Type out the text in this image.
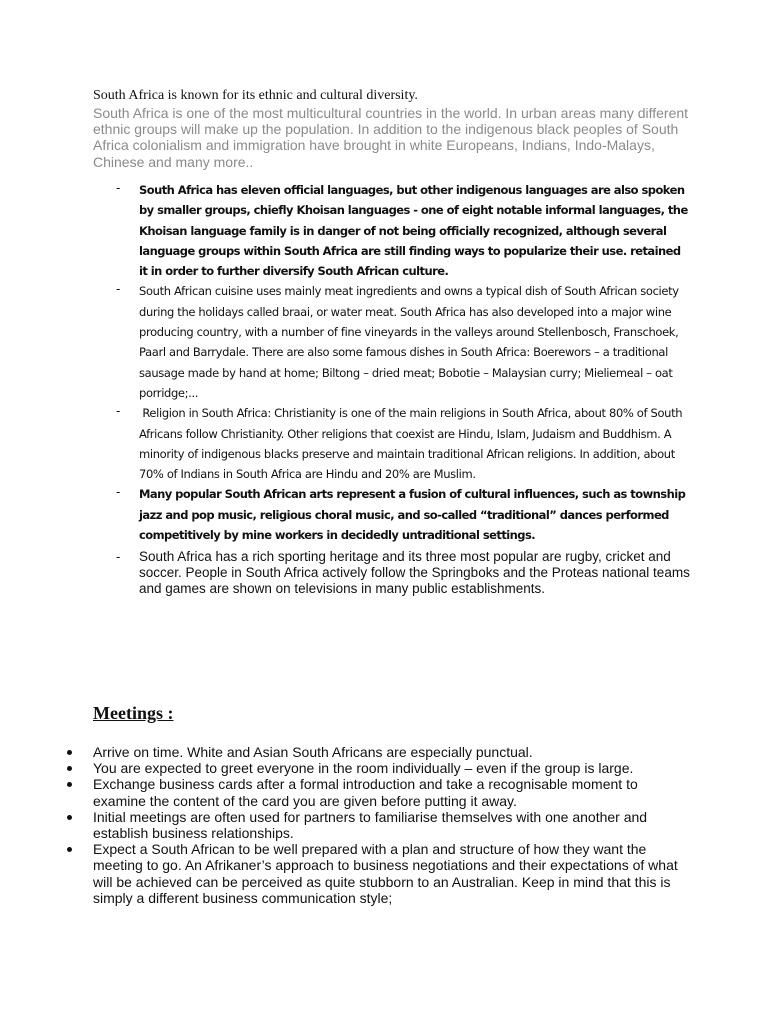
South Africa is known for its ethnic and cultural diversity.
South Africa is one of the most multicultural countries in the world. In urban areas many different ethnic groups will make up the population. In addition to the indigenous black peoples of South Africa colonialism and immigration have brought in white Europeans, Indians, Indo-Malays, Chinese and many more..
- South Africa has eleven official languages, but other indigenous languages are also spoken by smaller groups, chiefly Khoisan languages - one of eight notable informal languages, the Khoisan language family is in danger of not being officially recognized, although several language groups within South Africa are still finding ways to popularize their use. retained it in order to further diversify South African culture.
- South African cuisine uses mainly meat ingredients and owns a typical dish of South African society during the holidays called braai, or water meat. South Africa has also developed into a major wine producing country, with a number of fine vineyards in the valleys around Stellenbosch, Franschoek, Paarl and Barrydale. There are also some famous dishes in South Africa: Boerewors – a traditional sausage made by hand at home; Biltong – dried meat; Bobotie – Malaysian curry; Mieliemeal – oat porridge;...
- Religion in South Africa: Christianity is one of the main religions in South Africa, about 80% of South Africans follow Christianity. Other religions that coexist are Hindu, Islam, Judaism and Buddhism. A minority of indigenous blacks preserve and maintain traditional African religions. In addition, about 70% of Indians in South Africa are Hindu and 20% are Muslim.
- Many popular South African arts represent a fusion of cultural influences, such as township jazz and pop music, religious choral music, and so-called “traditional” dances performed competitively by mine workers in decidedly untraditional settings.
- South Africa has a rich sporting heritage and its three most popular are rugby, cricket and soccer. People in South Africa actively follow the Springboks and the Proteas national teams and games are shown on televisions in many public establishments.
Meetings :
Arrive on time. White and Asian South Africans are especially punctual.
You are expected to greet everyone in the room individually – even if the group is large.
Exchange business cards after a formal introduction and take a recognisable moment to examine the content of the card you are given before putting it away.
Initial meetings are often used for partners to familiarise themselves with one another and establish business relationships.
Expect a South African to be well prepared with a plan and structure of how they want the meeting to go. An Afrikaner’s approach to business negotiations and their expectations of what will be achieved can be perceived as quite stubborn to an Australian. Keep in mind that this is simply a different business communication style;
